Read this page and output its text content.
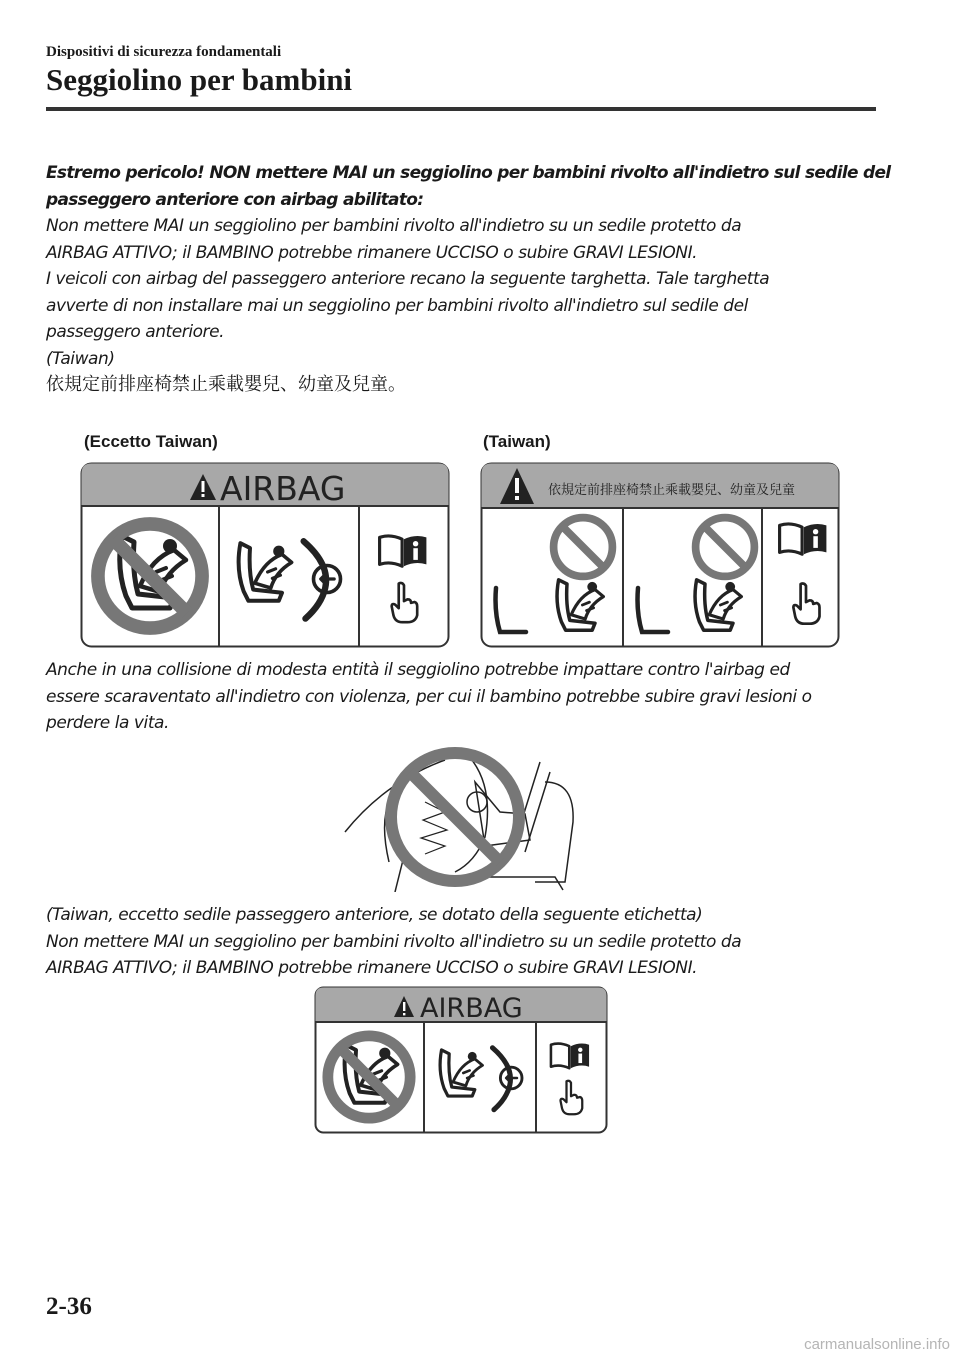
Dispositivi di sicurezza fondamentali
Seggiolino per bambini

Estremo pericolo! NON mettere MAI un seggiolino per bambini rivolto all'indietro sul sedile del

passeggero anteriore con airbag abilitato:

Non mettere MAI un seggiolino per bambini rivolto all'indietro su un sedile protetto da

AIRBAG ATTIVO; il BAMBINO potrebbe rimanere UCCISO o subire GRAVI LESIONI.

I veicoli con airbag del passeggero anteriore recano la seguente targhetta. Tale targhetta

avverte di non installare mai un seggiolino per bambini rivolto all'indietro sul sedile del

passeggero anteriore.

(Taiwan)

依規定前排座椅禁止乘載嬰兒、幼童及兒童。

(Eccetto Taiwan)	(Taiwan)
AIRBAG	依規定前排座椅禁止乘載嬰兒、幼童及兒童

Anche in una collisione di modesta entità il seggiolino potrebbe impattare contro l'airbag ed

essere scaraventato all'indietro con violenza, per cui il bambino potrebbe subire gravi lesioni o

perdere la vita.

(Taiwan, eccetto sedile passeggero anteriore, se dotato della seguente etichetta)

Non mettere MAI un seggiolino per bambini rivolto all'indietro su un sedile protetto da

AIRBAG ATTIVO; il BAMBINO potrebbe rimanere UCCISO o subire GRAVI LESIONI.

AIRBAG
2-36
carmanualsonline.info
